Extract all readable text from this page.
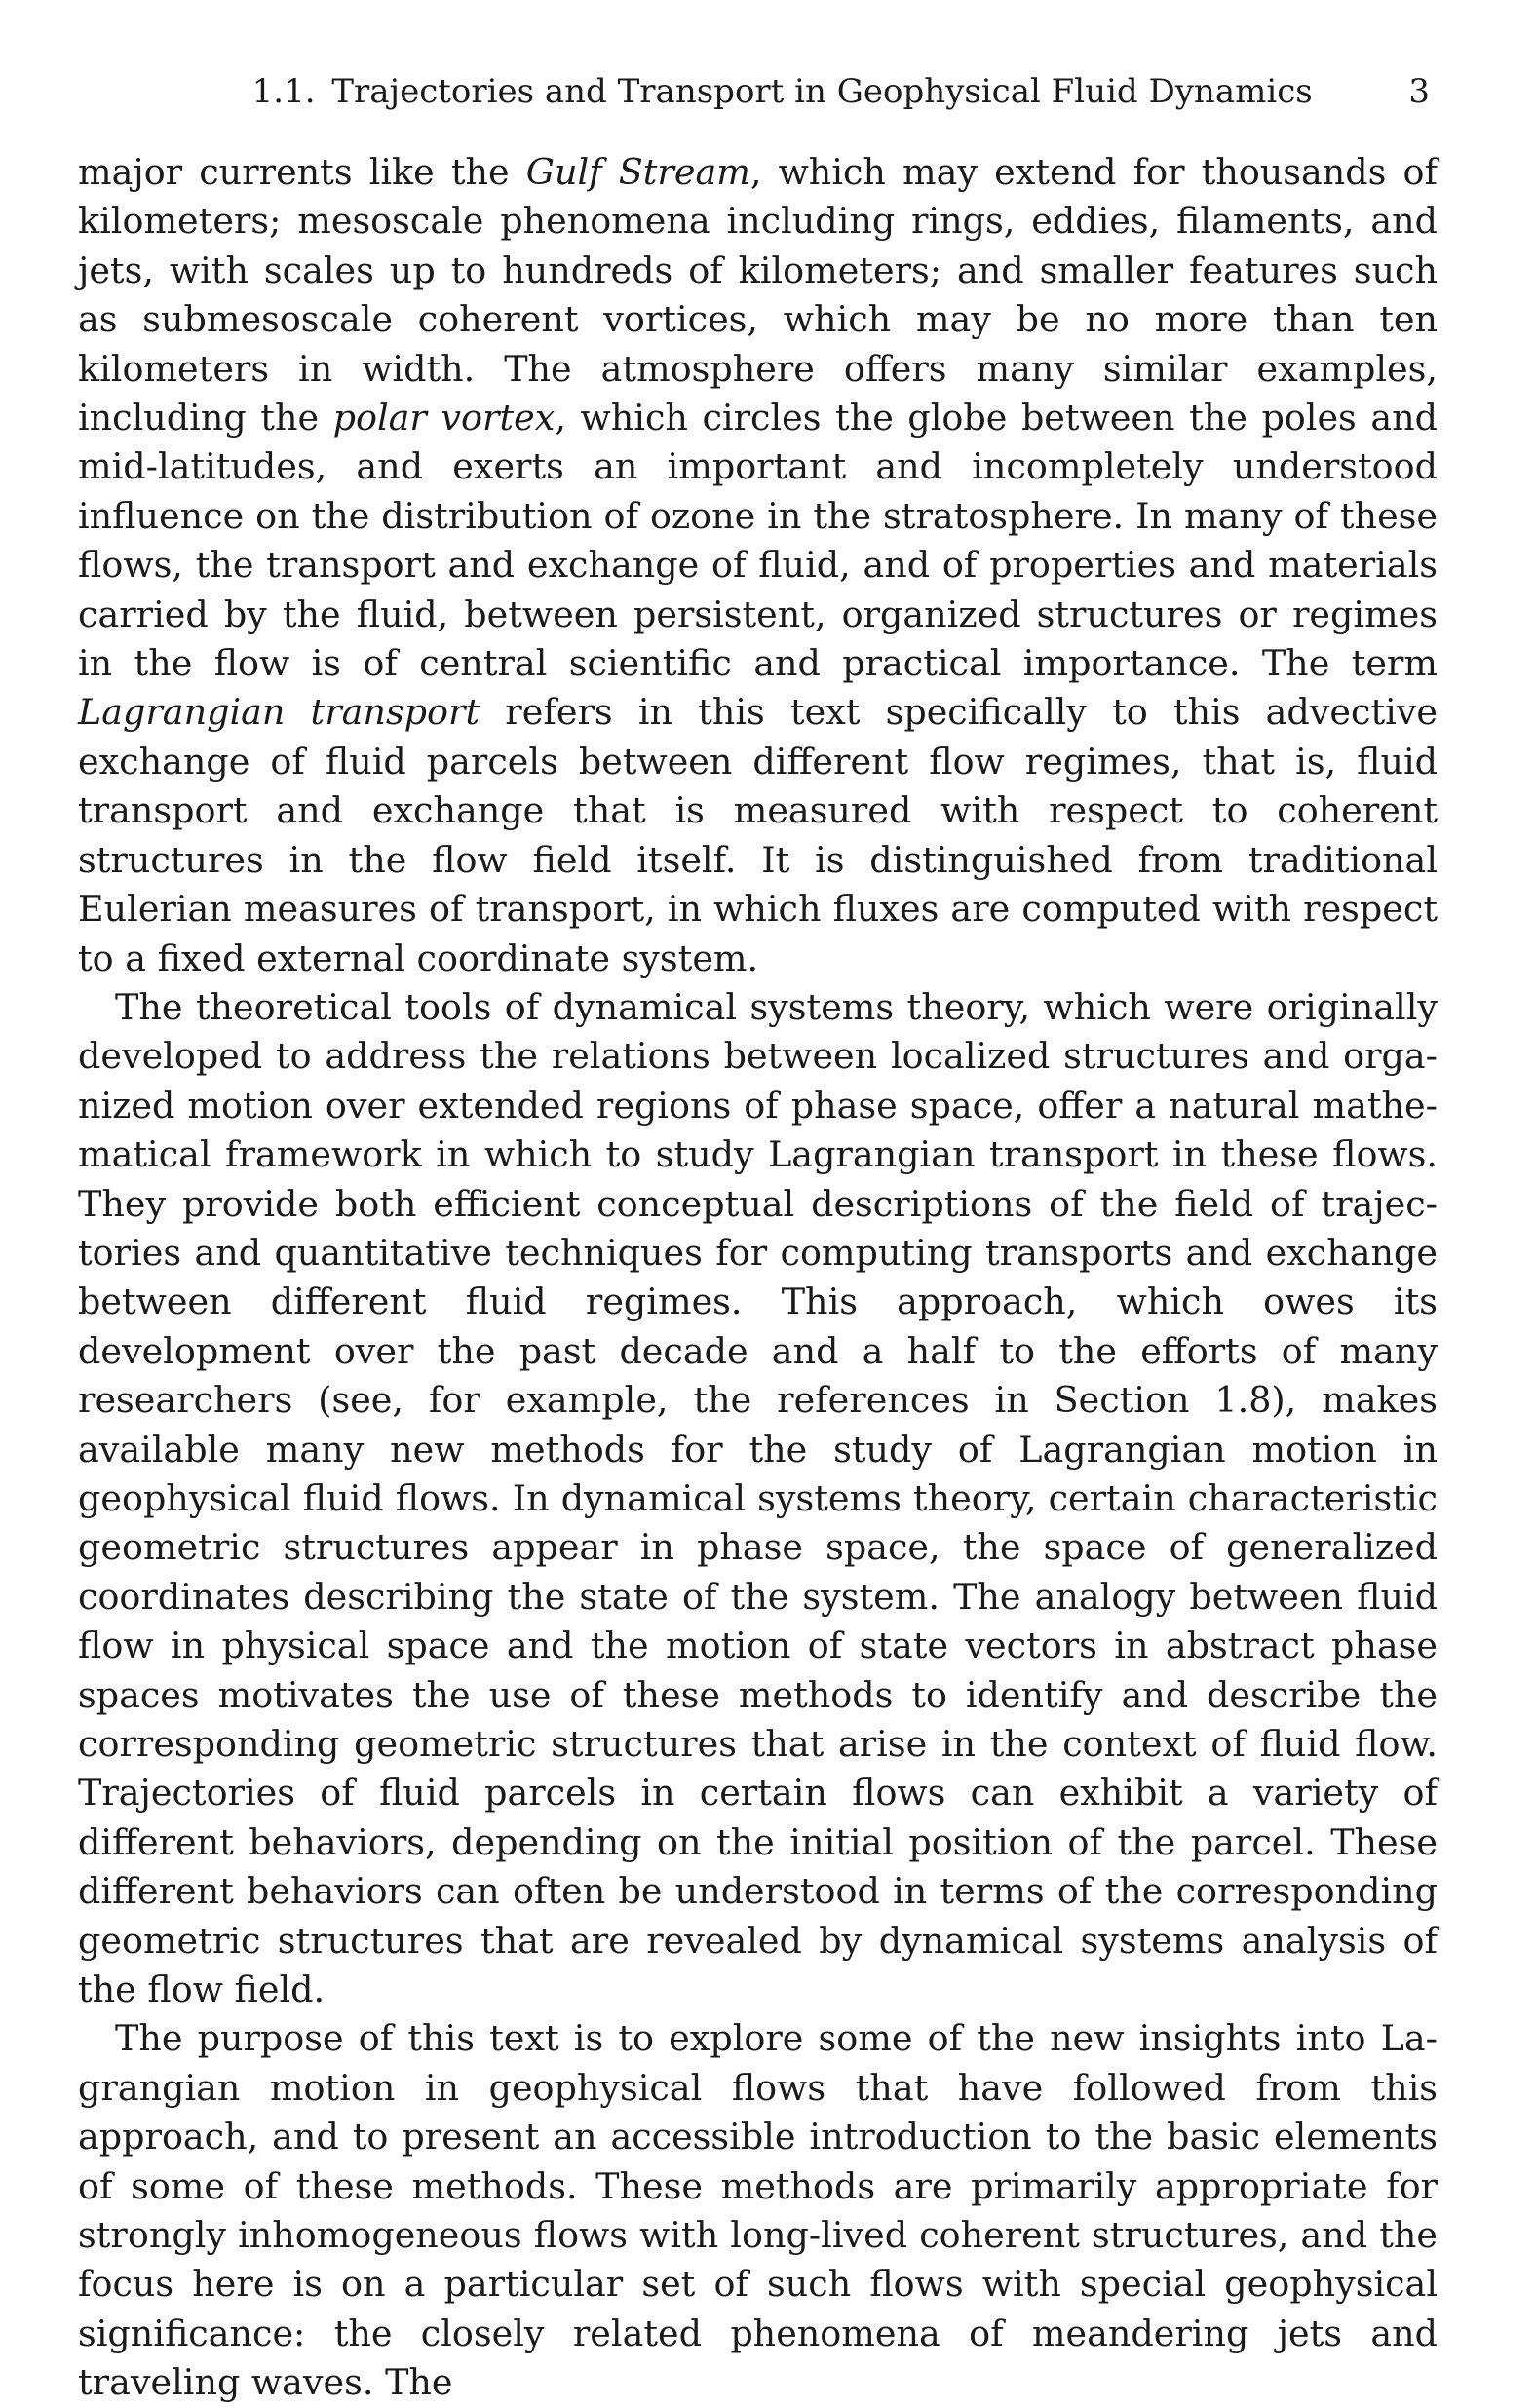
1.1. Trajectories and Transport in Geophysical Fluid Dynamics	3

major currents like the Gulf Stream, which may extend for thousands of kilometers; mesoscale phenomena including rings, eddies, filaments, and jets, with scales up to hundreds of kilometers; and smaller features such as submesoscale coherent vortices, which may be no more than ten kilometers in width. The atmosphere offers many similar examples, including the polar vortex, which circles the globe between the poles and mid-latitudes, and exerts an important and incompletely understood influence on the distribution of ozone in the stratosphere. In many of these flows, the transport and exchange of fluid, and of properties and materials carried by the fluid, between persistent, organized structures or regimes in the flow is of central scientific and practical importance. The term Lagrangian transport refers in this text specifically to this advective exchange of fluid parcels between different flow regimes, that is, fluid transport and exchange that is measured with respect to coherent structures in the flow field itself. It is distinguished from traditional Eulerian measures of transport, in which fluxes are computed with respect to a fixed external coordinate system.

The theoretical tools of dynamical systems theory, which were originally developed to address the relations between localized structures and organized motion over extended regions of phase space, offer a natural mathematical framework in which to study Lagrangian transport in these flows. They provide both efficient conceptual descriptions of the field of trajectories and quantitative techniques for computing transports and exchange between different fluid regimes. This approach, which owes its development over the past decade and a half to the efforts of many researchers (see, for example, the references in Section 1.8), makes available many new methods for the study of Lagrangian motion in geophysical fluid flows. In dynamical systems theory, certain characteristic geometric structures appear in phase space, the space of generalized coordinates describing the state of the system. The analogy between fluid flow in physical space and the motion of state vectors in abstract phase spaces motivates the use of these methods to identify and describe the corresponding geometric structures that arise in the context of fluid flow. Trajectories of fluid parcels in certain flows can exhibit a variety of different behaviors, depending on the initial position of the parcel. These different behaviors can often be understood in terms of the corresponding geometric structures that are revealed by dynamical systems analysis of the flow field.

The purpose of this text is to explore some of the new insights into Lagrangian motion in geophysical flows that have followed from this approach, and to present an accessible introduction to the basic elements of some of these methods. These methods are primarily appropriate for strongly inhomogeneous flows with long-lived coherent structures, and the focus here is on a particular set of such flows with special geophysical significance: the closely related phenomena of meandering jets and traveling waves. The
